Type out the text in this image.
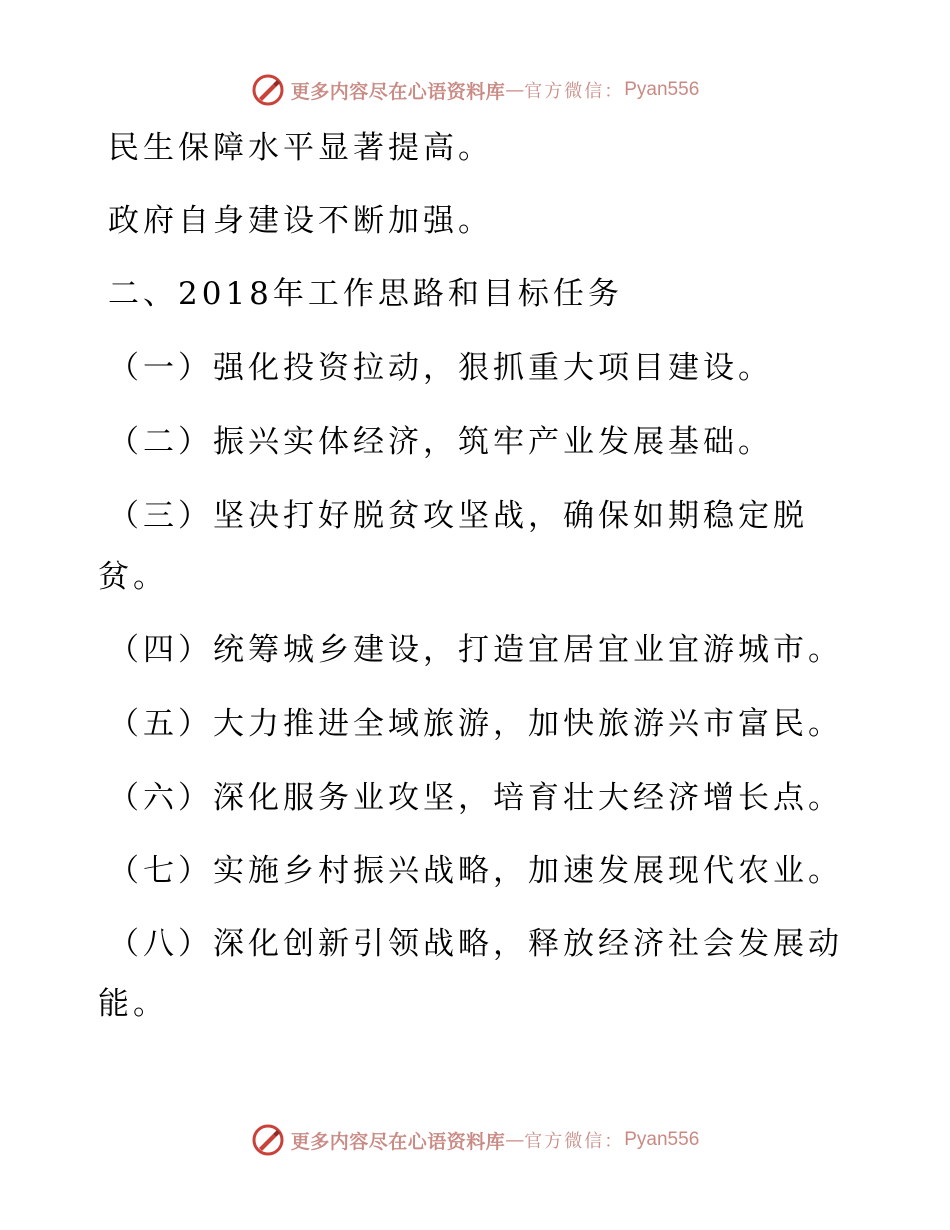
更多内容尽在心语资料库 — 官方微信： Pyan556

民生保障水平显著提高。

政府自身建设不断加强。

二、2018年工作思路和目标任务

（一）强化投资拉动，狠抓重大项目建设。

（二）振兴实体经济，筑牢产业发展基础。

（三）坚决打好脱贫攻坚战，确保如期稳定脱

贫。

（四）统筹城乡建设，打造宜居宜业宜游城市。

（五）大力推进全域旅游，加快旅游兴市富民。

（六）深化服务业攻坚，培育壮大经济增长点。

（七）实施乡村振兴战略，加速发展现代农业。

（八）深化创新引领战略，释放经济社会发展动

能。

更多内容尽在心语资料库 — 官方微信： Pyan556
